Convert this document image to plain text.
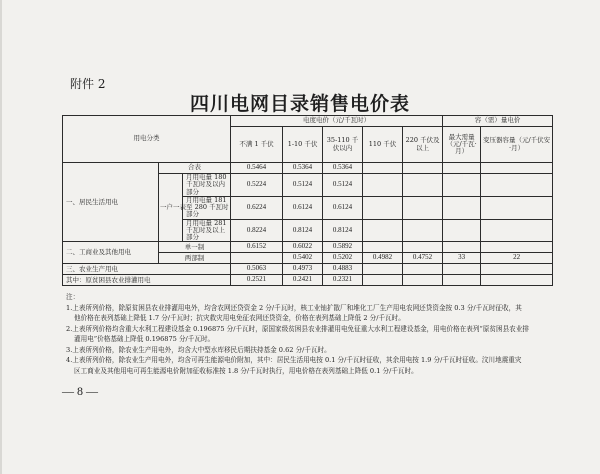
附件 2
四川电网目录销售电价表
用电分类			电度电价（元/千瓦时）					容（需）量电价	
			不满 1 千伏	1-10 千伏	35-110 千伏以内	110 千伏	220 千伏及以上	最大需量（元/千瓦·月）	变压器容量（元/千伏安·月）
一、居民生活用电	合表		0.5464	0.5364	0.5364				
	一户一表	月用电量 180 千瓦时及以内部分	0.5224	0.5124	0.5124				
		月用电量 181 至 280 千瓦时部分	0.6224	0.6124	0.6124				
		月用电量 281 千瓦时及以上部分	0.8224	0.8124	0.8124				
二、工商业及其他用电	单一制		0.6152	0.6022	0.5892				
	两部制			0.5402	0.5202	0.4982	0.4752	33	22
三、农业生产用电			0.5063	0.4973	0.4883				
其中：原贫困县农业排灌用电			0.2521	0.2421	0.2321				

注：

1.上表所列价格，除原贫困县农业排灌用电外，均含农网还贷资金 2 分/千瓦时，核工业铀扩散厂和堆化工厂生产用电农网还贷资金按 0.3 分/千瓦时征收，其

他价格在表列基础上降低 1.7 分/千瓦时；抗灾救灾用电免征农网还贷资金，价格在表列基础上降低 2 分/千瓦时。

2.上表所列价格均含重大水利工程建设基金 0.196875 分/千瓦时，原国家级贫困县农业排灌用电免征重大水利工程建设基金，用电价格在表列“原贫困县农业排

灌用电”价格基础上降低 0.196875 分/千瓦时。

3.上表所列价格，除农业生产用电外，均含大中型水库移民后期扶持基金 0.62 分/千瓦时。

4.上表所列价格，除农业生产用电外，均含可再生能源电价附加，其中：居民生活用电按 0.1 分/千瓦时征收，其余用电按 1.9 分/千瓦时征收。汶川地震重灾

区工商业及其他用电可再生能源电价附加征收标准按 1.8 分/千瓦时执行，用电价格在表列基础上降低 0.1 分/千瓦时。

— 8 —
